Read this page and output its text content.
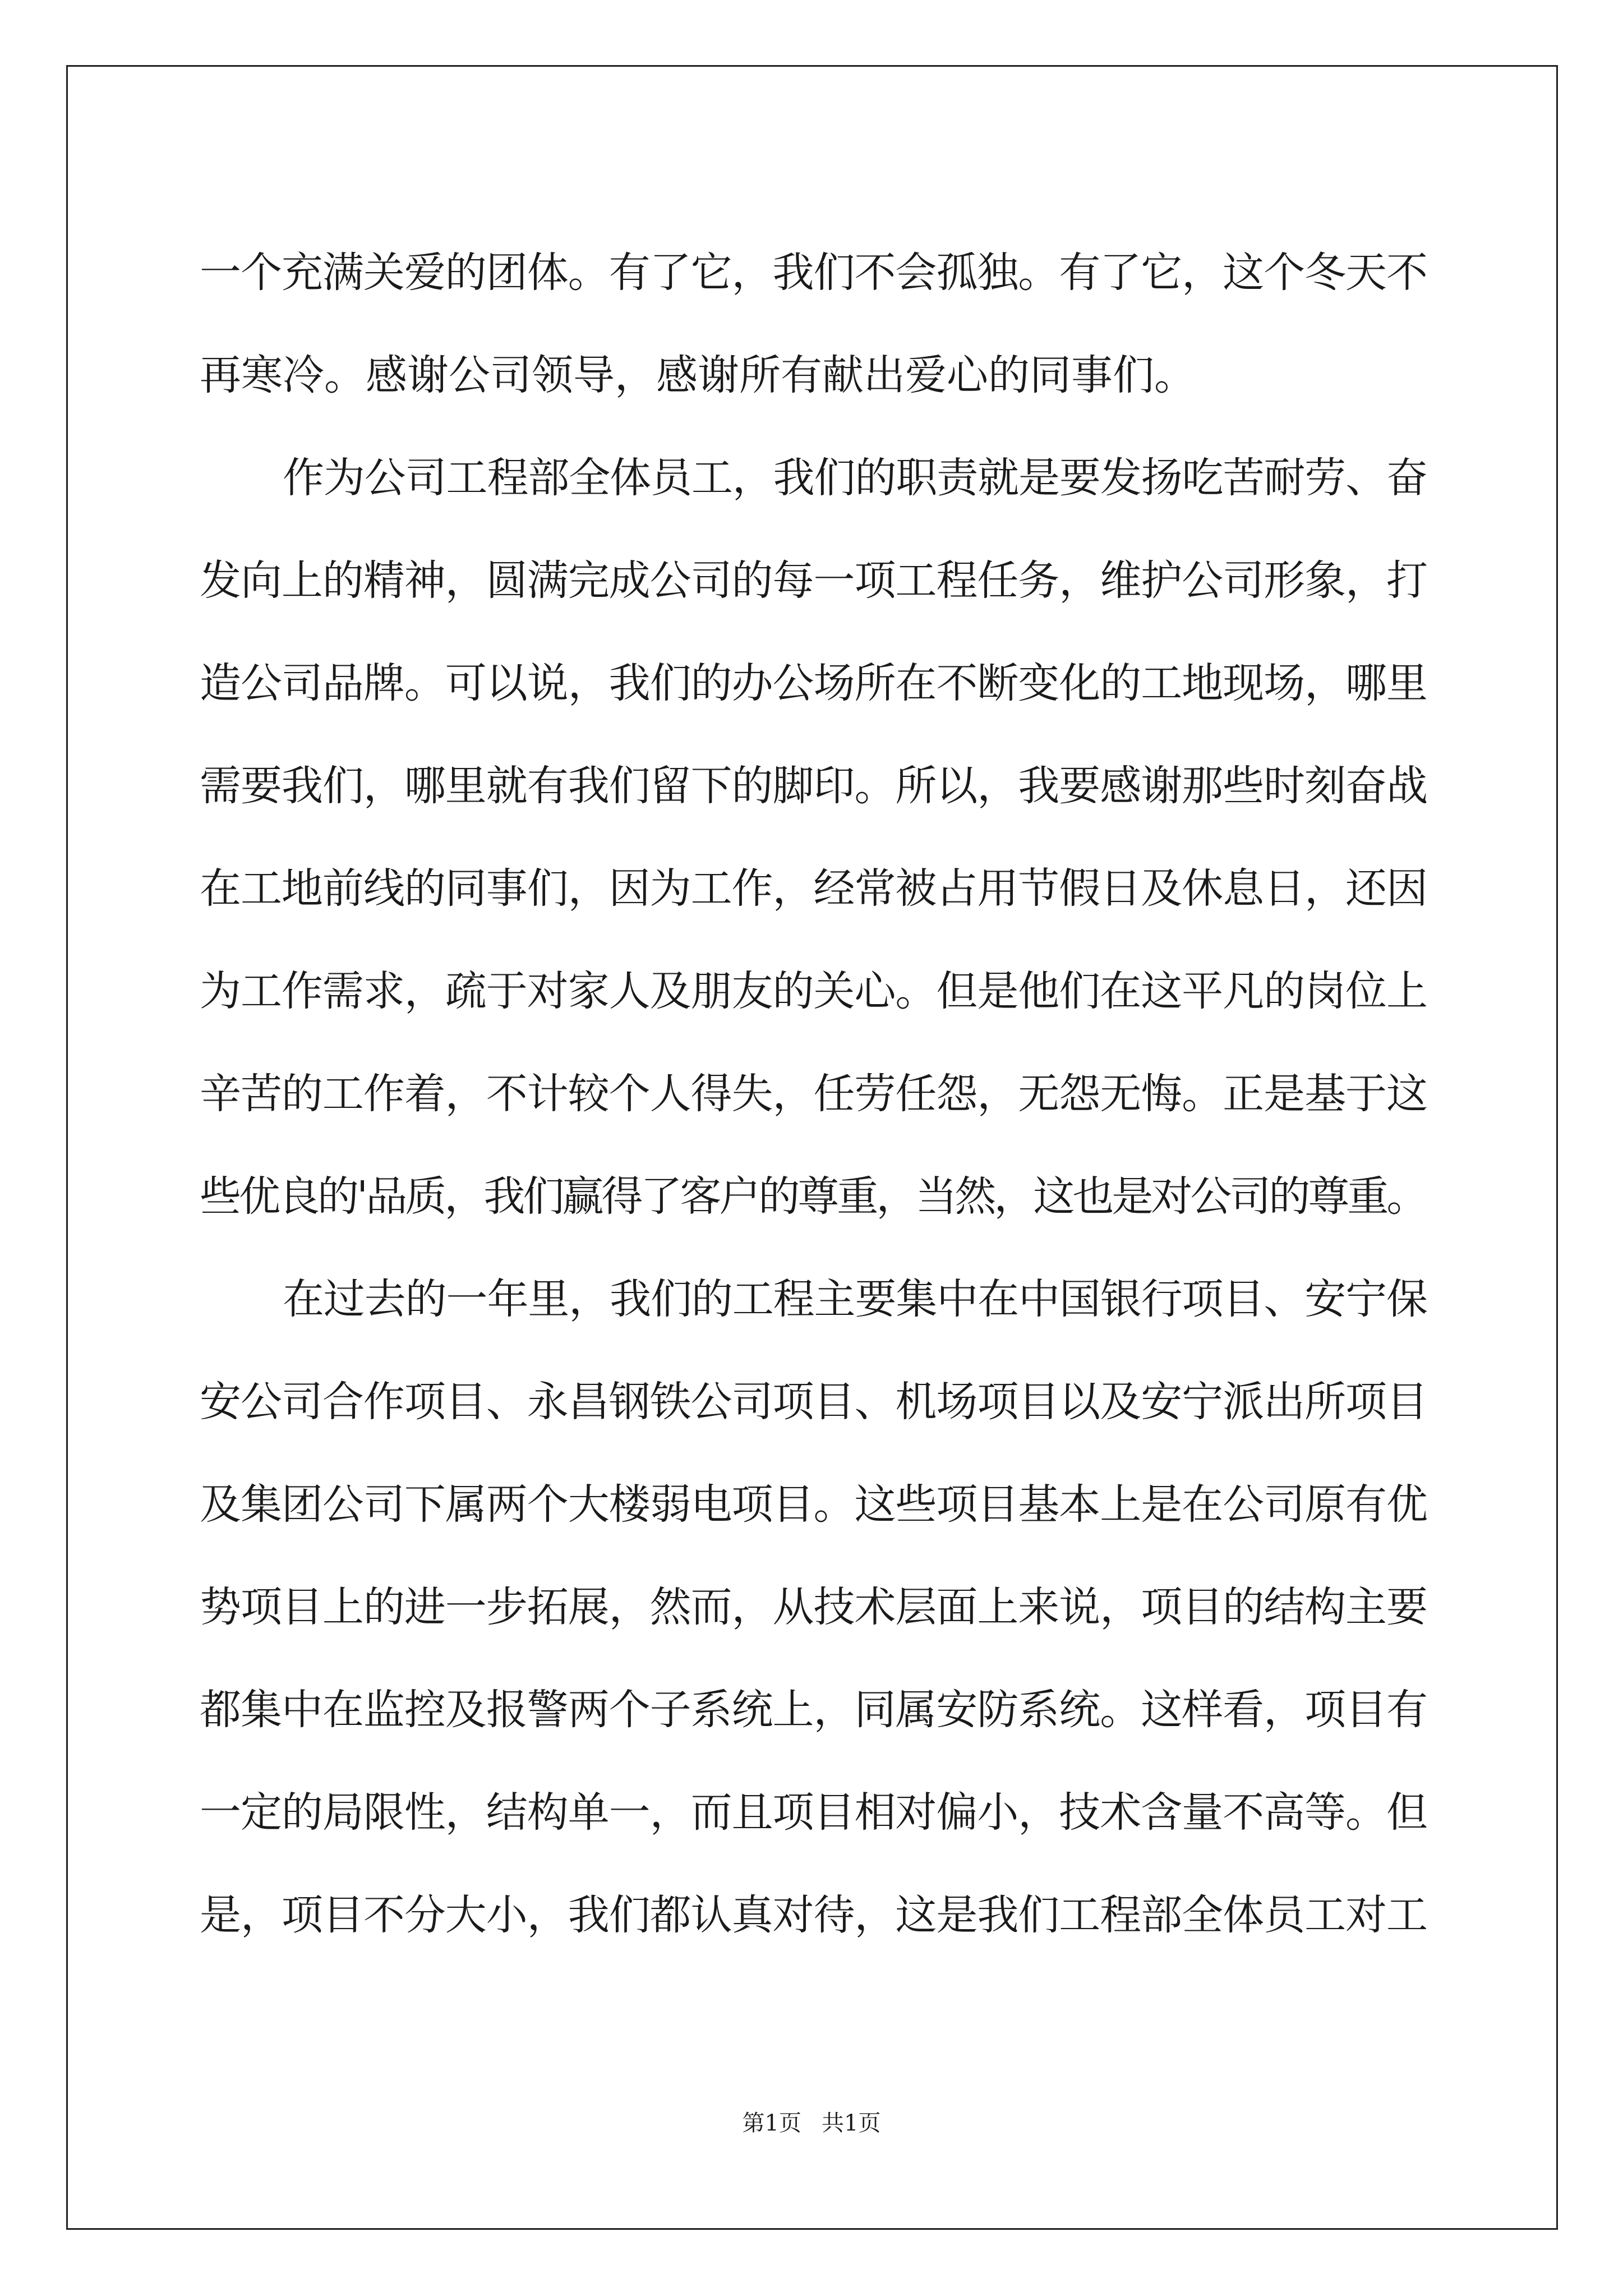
一个充满关爱的团体。有了它，我们不会孤独。有了它，这个冬天不
再寒冷。感谢公司领导，感谢所有献出爱心的同事们。
作为公司工程部全体员工，我们的职责就是要发扬吃苦耐劳、奋
发向上的精神，圆满完成公司的每一项工程任务，维护公司形象，打
造公司品牌。可以说，我们的办公场所在不断变化的工地现场，哪里
需要我们，哪里就有我们留下的脚印。所以，我要感谢那些时刻奋战
在工地前线的同事们，因为工作，经常被占用节假日及休息日，还因
为工作需求，疏于对家人及朋友的关心。但是他们在这平凡的岗位上
辛苦的工作着，不计较个人得失，任劳任怨，无怨无悔。正是基于这
些优良的'品质，我们赢得了客户的尊重，当然，这也是对公司的尊重。
在过去的一年里，我们的工程主要集中在中国银行项目、安宁保
安公司合作项目、永昌钢铁公司项目、机场项目以及安宁派出所项目
及集团公司下属两个大楼弱电项目。这些项目基本上是在公司原有优
势项目上的进一步拓展，然而，从技术层面上来说，项目的结构主要
都集中在监控及报警两个子系统上，同属安防系统。这样看，项目有
一定的局限性，结构单一，而且项目相对偏小，技术含量不高等。但
是，项目不分大小，我们都认真对待，这是我们工程部全体员工对工
第1页 共1页
